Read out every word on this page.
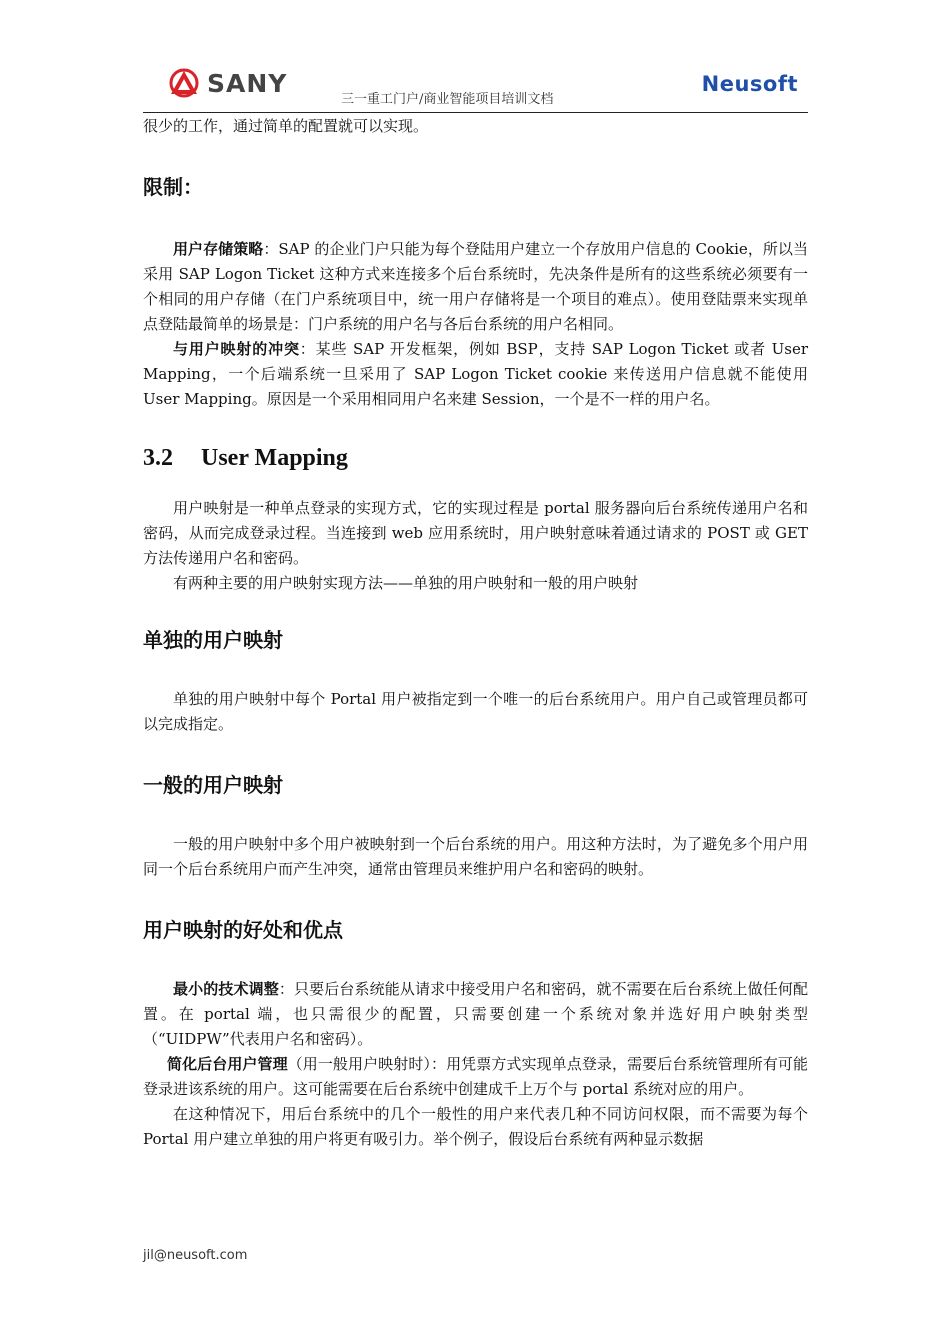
SANY
三一重工门户/商业智能项目培训文档
Neusoft

很少的工作，通过简单的配置就可以实现。

限制：

用户存储策略：SAP 的企业门户只能为每个登陆用户建立一个存放用户信息的 Cookie，所以当采用 SAP Logon Ticket 这种方式来连接多个后台系统时，先决条件是所有的这些系统必须要有一个相同的用户存储（在门户系统项目中，统一用户存储将是一个项目的难点）。使用登陆票来实现单点登陆最简单的场景是：门户系统的用户名与各后台系统的用户名相同。

与用户映射的冲突：某些 SAP 开发框架，例如 BSP，支持 SAP Logon Ticket 或者 User Mapping，一个后端系统一旦采用了 SAP Logon Ticket cookie 来传送用户信息就不能使用 User Mapping。原因是一个采用相同用户名来建 Session，一个是不一样的用户名。

3.2 User Mapping

用户映射是一种单点登录的实现方式，它的实现过程是 portal 服务器向后台系统传递用户名和密码，从而完成登录过程。当连接到 web 应用系统时，用户映射意味着通过请求的 POST 或 GET 方法传递用户名和密码。

有两种主要的用户映射实现方法——单独的用户映射和一般的用户映射

单独的用户映射

单独的用户映射中每个 Portal 用户被指定到一个唯一的后台系统用户。用户自己或管理员都可以完成指定。

一般的用户映射

一般的用户映射中多个用户被映射到一个后台系统的用户。用这种方法时，为了避免多个用户用同一个后台系统用户而产生冲突，通常由管理员来维护用户名和密码的映射。

用户映射的好处和优点

最小的技术调整：只要后台系统能从请求中接受用户名和密码，就不需要在后台系统上做任何配置。在 portal 端，也只需很少的配置，只需要创建一个系统对象并选好用户映射类型（“UIDPW”代表用户名和密码）。

简化后台用户管理（用一般用户映射时）：用凭票方式实现单点登录，需要后台系统管理所有可能登录进该系统的用户。这可能需要在后台系统中创建成千上万个与 portal 系统对应的用户。

在这种情况下，用后台系统中的几个一般性的用户来代表几种不同访问权限，而不需要为每个 Portal 用户建立单独的用户将更有吸引力。举个例子，假设后台系统有两种显示数据

jil@neusoft.com
